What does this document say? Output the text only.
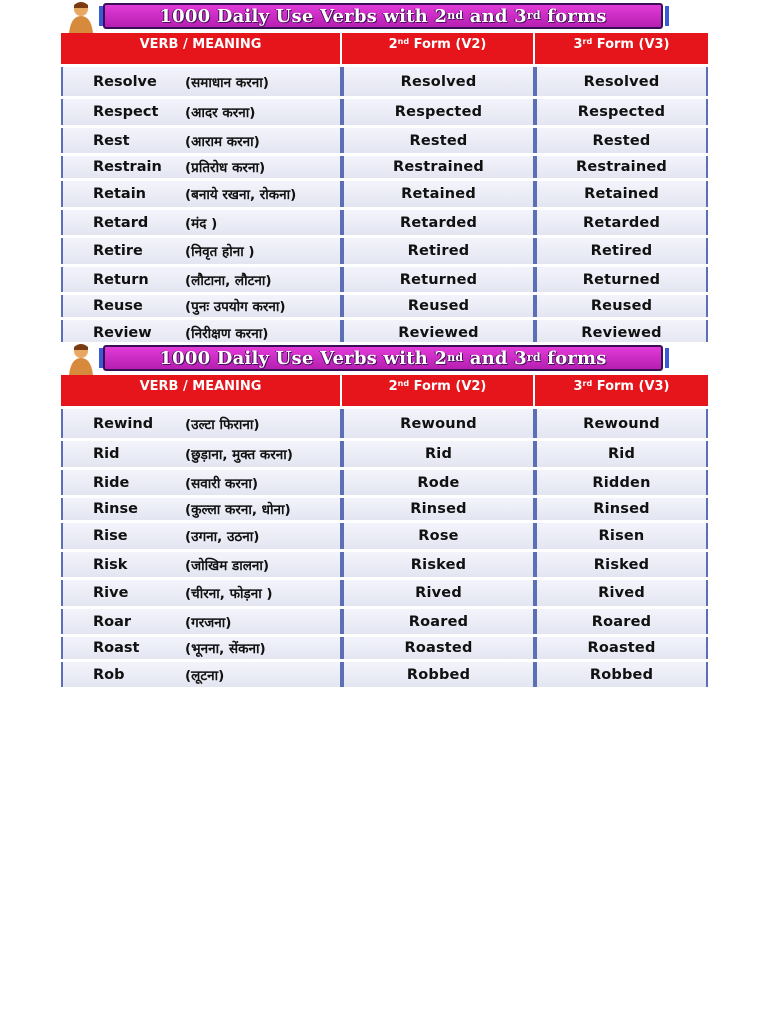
1000 Daily Use Verbs with 2nd and 3rd forms
VERB / MEANING	2nd Form (V2)	3rd Form (V3)
Resolve	(समाधान करना)	Resolved	Resolved
Respect	(आदर करना)	Respected	Respected
Rest	(आराम करना)	Rested	Rested
Restrain	(प्रतिरोध करना)	Restrained	Restrained
Retain	(बनाये रखना, रोकना)	Retained	Retained
Retard	(मंद )	Retarded	Retarded
Retire	(निवृत होना )	Retired	Retired
Return	(लौटाना, लौटना)	Returned	Returned
Reuse	(पुनः उपयोग करना)	Reused	Reused
Review	(निरीक्षण करना)	Reviewed	Reviewed
1000 Daily Use Verbs with 2nd and 3rd forms
VERB / MEANING	2nd Form (V2)	3rd Form (V3)
Rewind	(उल्टा फिराना)	Rewound	Rewound
Rid	(छुड़ाना, मुक्त करना)	Rid	Rid
Ride	(सवारी करना)	Rode	Ridden
Rinse	(कुल्ला करना, धोना)	Rinsed	Rinsed
Rise	(उगना, उठना)	Rose	Risen
Risk	(जोखिम डालना)	Risked	Risked
Rive	(चीरना, फोड़ना )	Rived	Rived
Roar	(गरजना)	Roared	Roared
Roast	(भूनना, सेंकना)	Roasted	Roasted
Rob	(लूटना)	Robbed	Robbed
